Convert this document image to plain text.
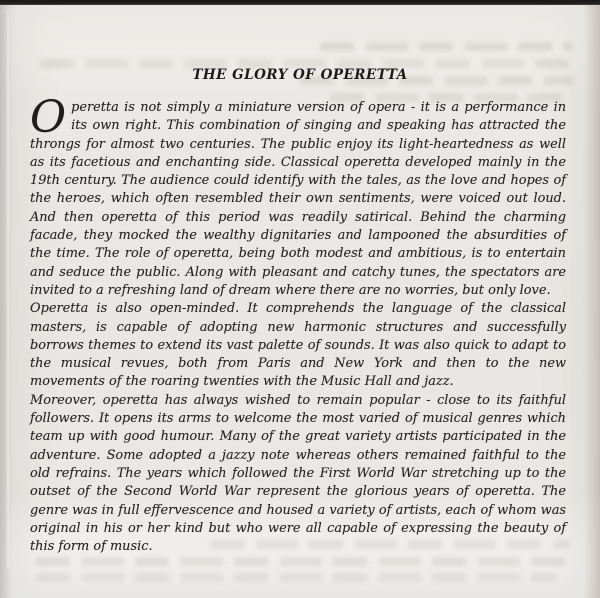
THE GLORY OF OPERETTA

Operetta is not simply a miniature version of opera - it is a performance in its own right. This combination of singing and speaking has attracted the throngs for almost two centuries. The public enjoy its light-heartedness as well as its facetious and enchanting side. Classical operetta developed mainly in the 19th century. The audience could identify with the tales, as the love and hopes of the heroes, which often resembled their own sentiments, were voiced out loud. And then operetta of this period was readily satirical. Behind the charming facade, they mocked the wealthy dignitaries and lampooned the absurdities of the time. The role of operetta, being both modest and ambitious, is to entertain and seduce the public. Along with pleasant and catchy tunes, the spectators are invited to a refreshing land of dream where there are no worries, but only love.

Operetta is also open-minded. It comprehends the language of the classical masters, is capable of adopting new harmonic structures and successfully borrows themes to extend its vast palette of sounds. It was also quick to adapt to the musical revues, both from Paris and New York and then to the new movements of the roaring twenties with the Music Hall and jazz.

Moreover, operetta has always wished to remain popular - close to its faithful followers. It opens its arms to welcome the most varied of musical genres which team up with good humour. Many of the great variety artists participated in the adventure. Some adopted a jazzy note whereas others remained faithful to the old refrains. The years which followed the First World War stretching up to the outset of the Second World War represent the glorious years of operetta. The genre was in full effervescence and housed a variety of artists, each of whom was original in his or her kind but who were all capable of expressing the beauty of this form of music.
